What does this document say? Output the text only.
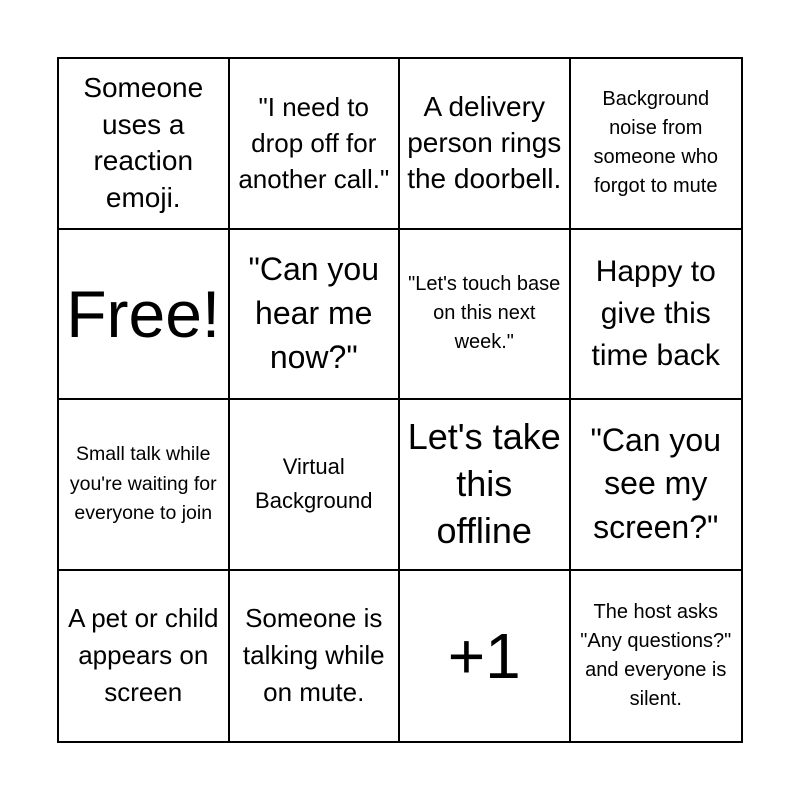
Someone uses a reaction emoji.
"I need to drop off for another call."
A delivery person rings the doorbell.
Background noise from someone who forgot to mute
Free!
"Can you hear me now?"
"Let's touch base on this next week."
Happy to give this time back
Small talk while you're waiting for everyone to join
Virtual Background
Let's take this offline
"Can you see my screen?"
A pet or child appears on screen
Someone is talking while on mute.
+1
The host asks "Any questions?" and everyone is silent.
